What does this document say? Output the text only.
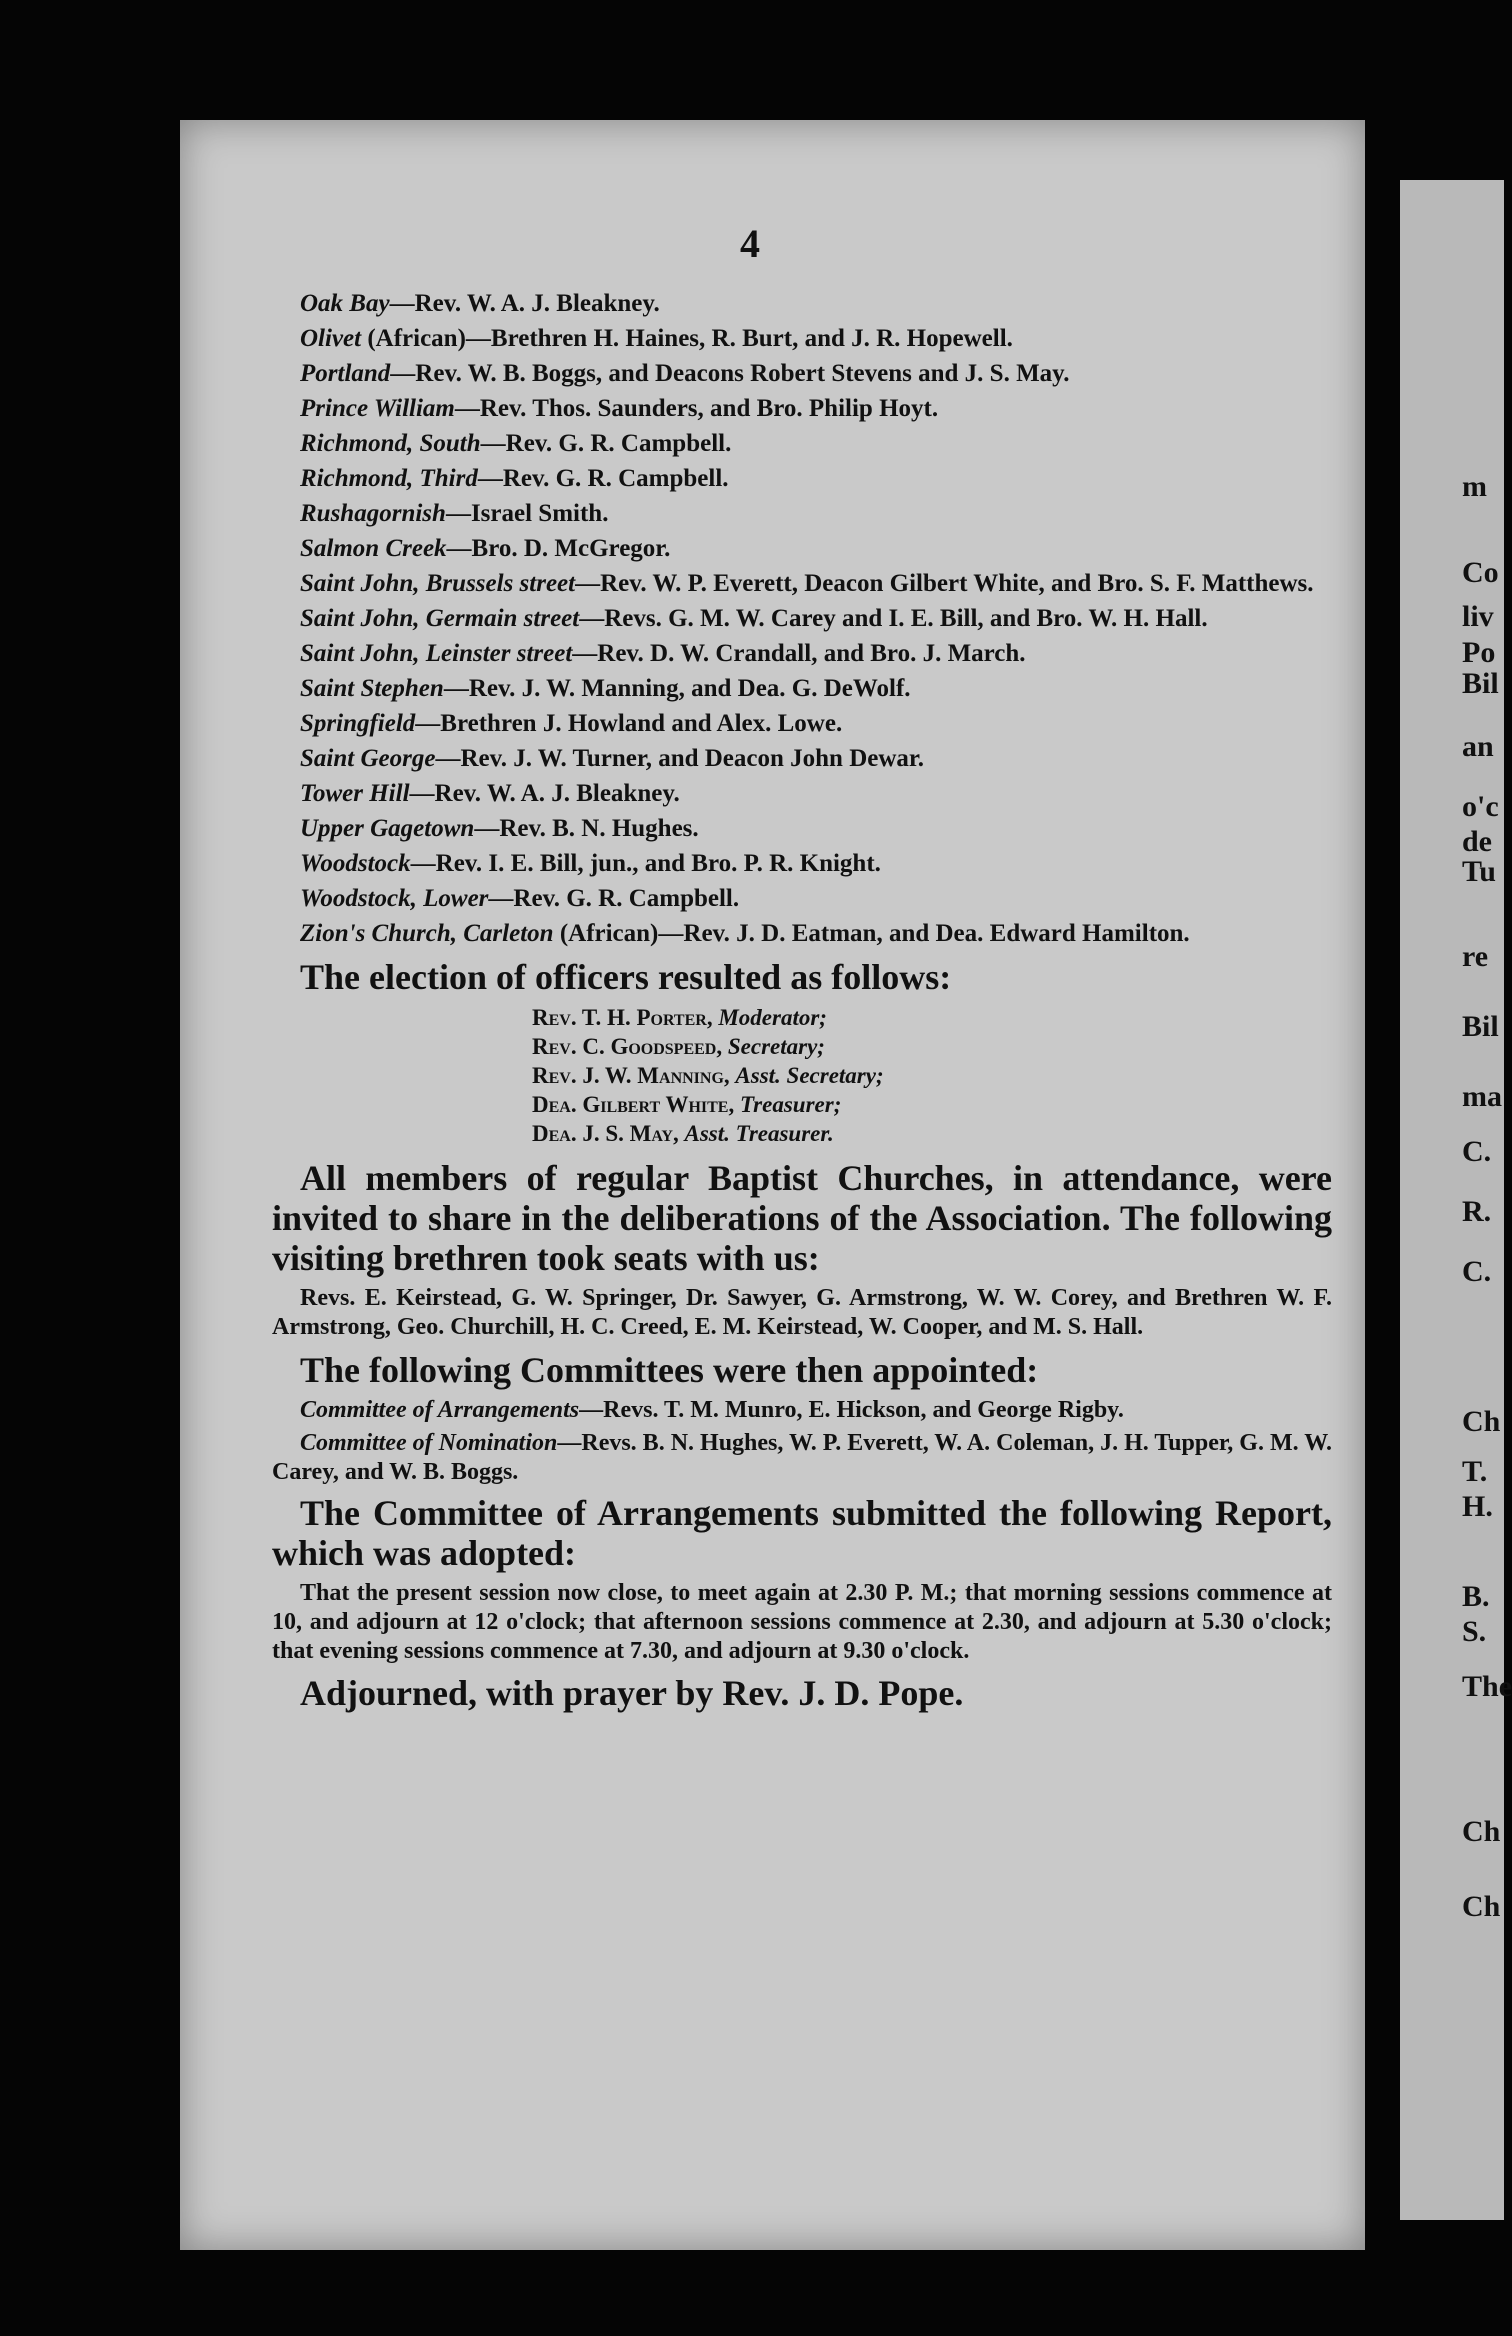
4
Oak Bay—Rev. W. A. J. Bleakney.
Olivet (African)—Brethren H. Haines, R. Burt, and J. R. Hopewell.
Portland—Rev. W. B. Boggs, and Deacons Robert Stevens and J. S. May.
Prince William—Rev. Thos. Saunders, and Bro. Philip Hoyt.
Richmond, South—Rev. G. R. Campbell.
Richmond, Third—Rev. G. R. Campbell.
Rushagornish—Israel Smith.
Salmon Creek—Bro. D. McGregor.
Saint John, Brussels street—Rev. W. P. Everett, Deacon Gilbert White, and Bro. S. F. Matthews.
Saint John, Germain street—Revs. G. M. W. Carey and I. E. Bill, and Bro. W. H. Hall.
Saint John, Leinster street—Rev. D. W. Crandall, and Bro. J. March.
Saint Stephen—Rev. J. W. Manning, and Dea. G. DeWolf.
Springfield—Brethren J. Howland and Alex. Lowe.
Saint George—Rev. J. W. Turner, and Deacon John Dewar.
Tower Hill—Rev. W. A. J. Bleakney.
Upper Gagetown—Rev. B. N. Hughes.
Woodstock—Rev. I. E. Bill, jun., and Bro. P. R. Knight.
Woodstock, Lower—Rev. G. R. Campbell.
Zion's Church, Carleton (African)—Rev. J. D. Eatman, and Dea. Edward Hamilton.
The election of officers resulted as follows:
Rev. T. H. Porter, Moderator;
Rev. C. Goodspeed, Secretary;
Rev. J. W. Manning, Asst. Secretary;
Dea. Gilbert White, Treasurer;
Dea. J. S. May, Asst. Treasurer.
All members of regular Baptist Churches, in attendance, were invited to share in the deliberations of the Association. The following visiting brethren took seats with us:
Revs. E. Keirstead, G. W. Springer, Dr. Sawyer, G. Armstrong, W. W. Corey, and Brethren W. F. Armstrong, Geo. Churchill, H. C. Creed, E. M. Keirstead, W. Cooper, and M. S. Hall.
The following Committees were then appointed:
Committee of Arrangements—Revs. T. M. Munro, E. Hickson, and George Rigby.
Committee of Nomination—Revs. B. N. Hughes, W. P. Everett, W. A. Coleman, J. H. Tupper, G. M. W. Carey, and W. B. Boggs.
The Committee of Arrangements submitted the following Report, which was adopted:
That the present session now close, to meet again at 2.30 P. M.; that morning sessions commence at 10, and adjourn at 12 o'clock; that afternoon sessions commence at 2.30, and adjourn at 5.30 o'clock; that evening sessions commence at 7.30, and adjourn at 9.30 o'clock.
Adjourned, with prayer by Rev. J. D. Pope.
m
Co
liv
Po
Bil
an
o'c
de
Tu
re
Bil
ma
C.
R.
C.
Ch
T.
H.
B.
S.
The
Ch
Ch
